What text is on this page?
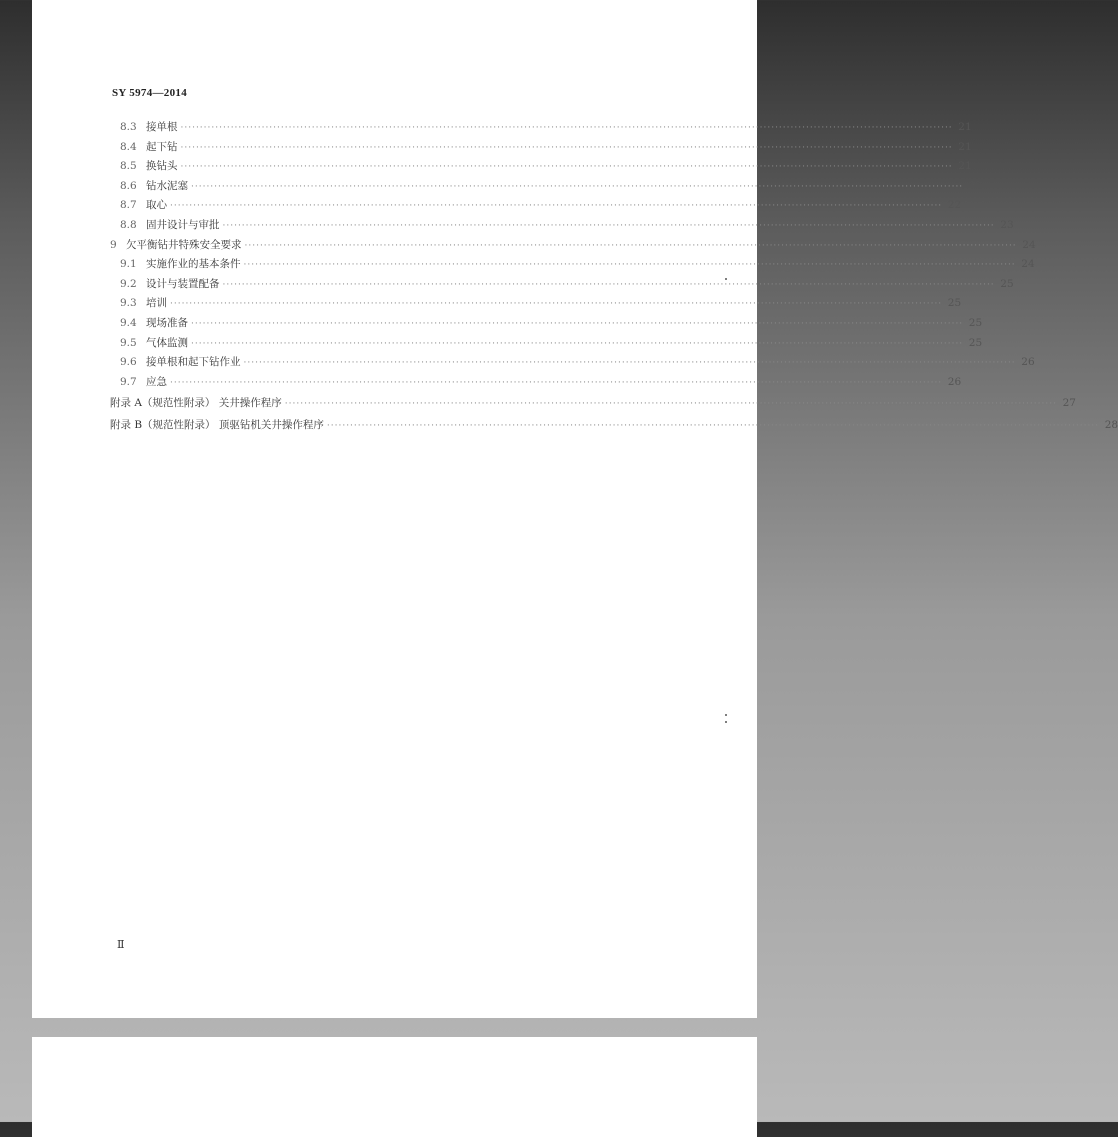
SY 5974—2014
8.3 接单根 ········································································································································································································ 21
8.4 起下钻 ········································································································································································································ 21
8.5 换钻头 ········································································································································································································ 21
8.6 钻水泥塞 ········································································································································································································ 22
8.7 取心 ········································································································································································································ 22
8.8 固井设计与审批 ········································································································································································································ 23
9 欠平衡钻井特殊安全要求 ········································································································································································································ 24
9.1 实施作业的基本条件 ········································································································································································································ 24
9.2 设计与装置配备 ········································································································································································································ 25
9.3 培训 ········································································································································································································ 25
9.4 现场准备 ········································································································································································································ 25
9.5 气体监测 ········································································································································································································ 25
9.6 接单根和起下钻作业 ········································································································································································································ 26
9.7 应急 ········································································································································································································ 26
附录 A（规范性附录） 关井操作程序 ········································································································································································································ 27
附录 B（规范性附录） 顶驱钻机关井操作程序 ········································································································································································································ 28
Ⅱ
